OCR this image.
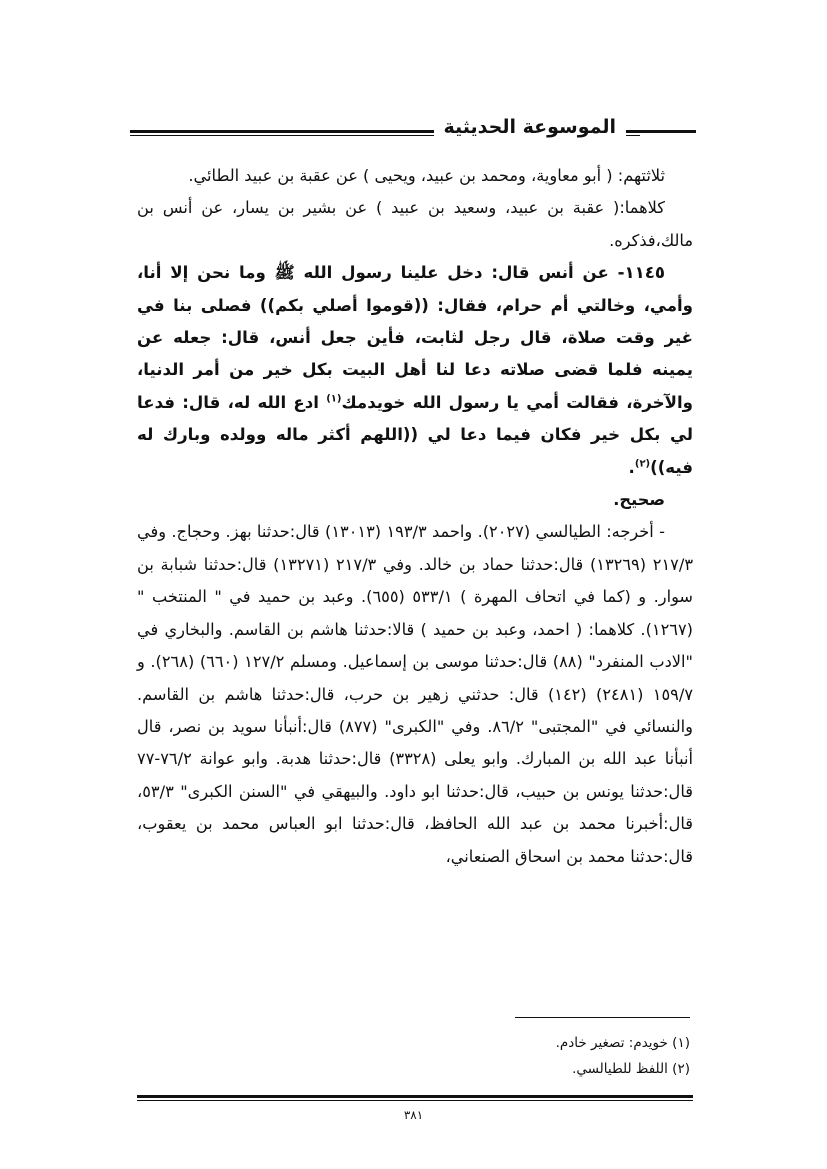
الموسوعة الحديثية

ثلاثتهم: ( أبو معاوية، ومحمد بن عبيد، ويحيى ) عن عقبة بن عبيد الطائي.

كلاهما:( عقبة بن عبيد، وسعيد بن عبيد ) عن بشير بن يسار، عن أنس بن مالك،فذكره.

١١٤٥- عن أنس قال: دخل علينا رسول الله ﷺ وما نحن إلا أنا، وأمي، وخالتي أم حرام، فقال: ((قوموا أصلي بكم)) فصلى بنا في غير وقت صلاة، قال رجل لثابت، فأين جعل أنس، قال: جعله عن يمينه فلما قضى صلاته دعا لنا أهل البيت بكل خير من أمر الدنيا، والآخرة، فقالت أمي يا رسول الله خويدمك$^{(١)}$ ادع الله له، قال: فدعا لي بكل خير فكان فيما دعا لي ((اللهم أكثر ماله وولده وبارك له فيه))$^{(٢)}$.

صحيح.

- أخرجه: الطيالسي (٢٠٢٧). واحمد ١٩٣/٣ (١٣٠١٣) قال:حدثنا بهز. وحجاج. وفي ٢١٧/٣ (١٣٢٦٩) قال:حدثنا حماد بن خالد. وفي ٢١٧/٣ (١٣٢٧١) قال:حدثنا شبابة بن سوار. و (كما في اتحاف المهرة ) ٥٣٣/١ (٦٥٥). وعبد بن حميد في " المنتخب "(١٢٦٧). كلاهما: ( احمد، وعبد بن حميد ) قالا:حدثنا هاشم بن القاسم. والبخاري في "الادب المنفرد" (٨٨) قال:حدثنا موسى بن إسماعيل. ومسلم ١٢٧/٢ (٦٦٠) (٢٦٨). و ١٥٩/٧ (٢٤٨١) (١٤٢) قال: حدثني زهير بن حرب، قال:حدثنا هاشم بن القاسم. والنسائي في "المجتبى" ٨٦/٢. وفي "الكبرى" (٨٧٧) قال:أنبأنا سويد بن نصر، قال أنبأنا عبد الله بن المبارك. وابو يعلى (٣٣٢٨) قال:حدثنا هدبة. وابو عوانة ٧٦/٢-٧٧ قال:حدثنا يونس بن حبيب، قال:حدثنا ابو داود. والبيهقي في "السنن الكبرى" ٥٣/٣، قال:أخبرنا محمد بن عبد الله الحافظ، قال:حدثنا ابو العباس محمد بن يعقوب، قال:حدثنا محمد بن اسحاق الصنعاني،

(١) خويدم: تصغير خادم.

(٢) اللفظ للطيالسي.

٣٨١
